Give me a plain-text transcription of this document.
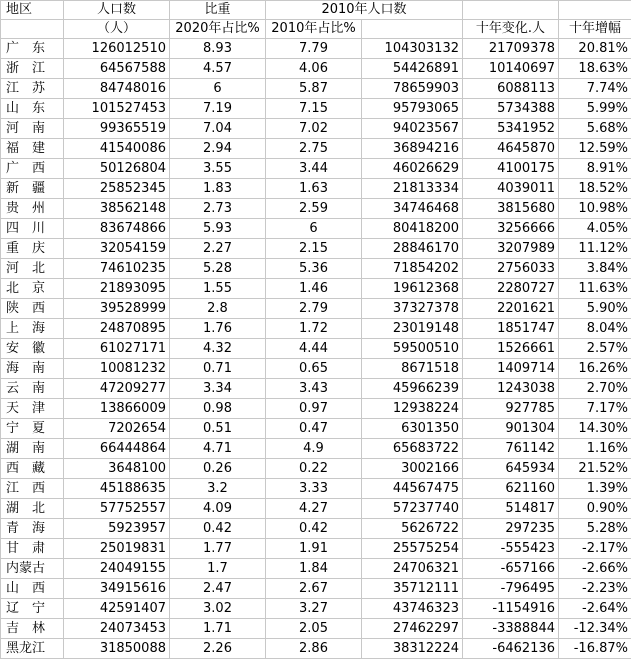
地区	人口数	比重	2010年人口数			
	（人）	2020年占比%	2010年占比%		十年变化.人	十年增幅
广　东	126012510	8.93	7.79	104303132	21709378	20.81%
浙　江	64567588	4.57	4.06	54426891	10140697	18.63%
江　苏	84748016	6	5.87	78659903	6088113	7.74%
山　东	101527453	7.19	7.15	95793065	5734388	5.99%
河　南	99365519	7.04	7.02	94023567	5341952	5.68%
福　建	41540086	2.94	2.75	36894216	4645870	12.59%
广　西	50126804	3.55	3.44	46026629	4100175	8.91%
新　疆	25852345	1.83	1.63	21813334	4039011	18.52%
贵　州	38562148	2.73	2.59	34746468	3815680	10.98%
四　川	83674866	5.93	6	80418200	3256666	4.05%
重　庆	32054159	2.27	2.15	28846170	3207989	11.12%
河　北	74610235	5.28	5.36	71854202	2756033	3.84%
北　京	21893095	1.55	1.46	19612368	2280727	11.63%
陕　西	39528999	2.8	2.79	37327378	2201621	5.90%
上　海	24870895	1.76	1.72	23019148	1851747	8.04%
安　徽	61027171	4.32	4.44	59500510	1526661	2.57%
海　南	10081232	0.71	0.65	8671518	1409714	16.26%
云　南	47209277	3.34	3.43	45966239	1243038	2.70%
天　津	13866009	0.98	0.97	12938224	927785	7.17%
宁　夏	7202654	0.51	0.47	6301350	901304	14.30%
湖　南	66444864	4.71	4.9	65683722	761142	1.16%
西　藏	3648100	0.26	0.22	3002166	645934	21.52%
江　西	45188635	3.2	3.33	44567475	621160	1.39%
湖　北	57752557	4.09	4.27	57237740	514817	0.90%
青　海	5923957	0.42	0.42	5626722	297235	5.28%
甘　肃	25019831	1.77	1.91	25575254	-555423	-2.17%
内蒙古	24049155	1.7	1.84	24706321	-657166	-2.66%
山　西	34915616	2.47	2.67	35712111	-796495	-2.23%
辽　宁	42591407	3.02	3.27	43746323	-1154916	-2.64%
吉　林	24073453	1.71	2.05	27462297	-3388844	-12.34%
黑龙江	31850088	2.26	2.86	38312224	-6462136	-16.87%
